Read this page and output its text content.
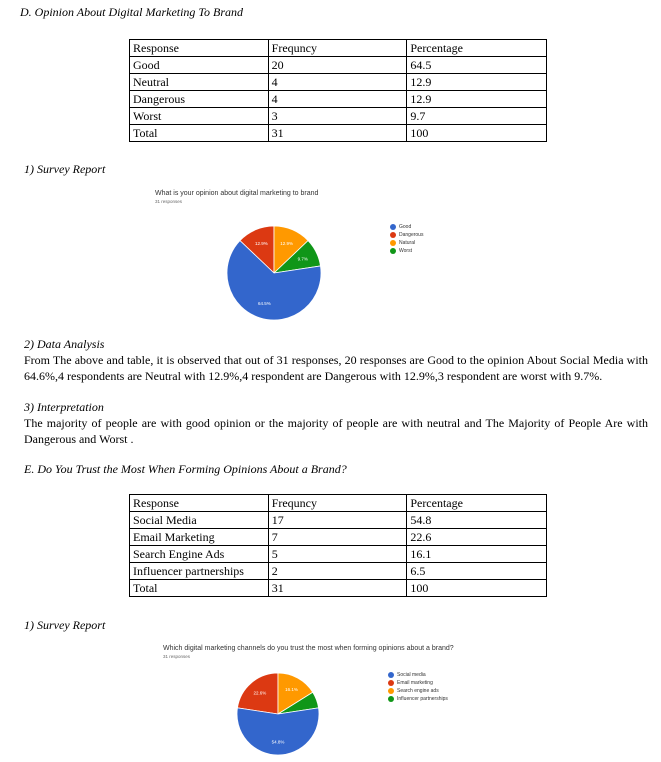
D. Opinion About Digital Marketing To Brand
Response	Frequncy	Percentage
Good	20	64.5
Neutral	4	12.9
Dangerous	4	12.9
Worst	3	9.7
Total	31	100
1) Survey Report
What is your opinion about digital marketing to brand
31 responses
12.9%	12.9%
9.7%
64.5%
Good
Dangerous
Natural
Worst
2) Data Analysis
From The above and table, it is observed that out of 31 responses, 20 responses are Good to the opinion About Social Media with 64.6%,4 respondents are Neutral with 12.9%,4 respondent are Dangerous with 12.9%,3 respondent are worst with 9.7%.
3) Interpretation
The majority of people are with good opinion or the majority of people are with neutral and The Majority of People Are with Dangerous and Worst .
E. Do You Trust the Most When Forming Opinions About a Brand?
Response	Frequncy	Percentage
Social Media	17	54.8
Email Marketing	7	22.6
Search Engine Ads	5	16.1
Influencer partnerships	2	6.5
Total	31	100
1) Survey Report
Which digital marketing channels do you trust the most when forming opinions about a brand?
31 responses
22.6%
16.1%
54.8%
Social media
Email marketing
Search engine ads
Influencer partnerships
